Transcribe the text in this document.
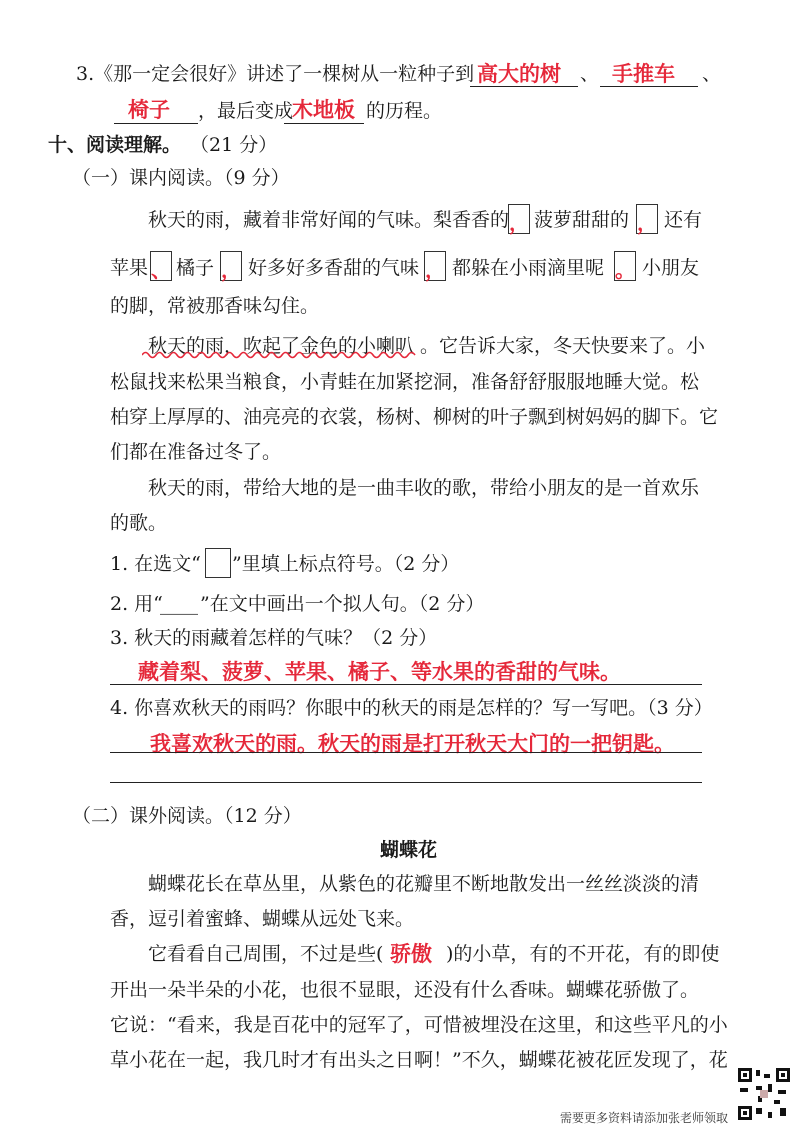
3.《那一定会很好》讲述了一棵树从一粒种子到 高大的树 、 手推车 、
椅子 ，最后变成
木地板 的历程。
十、阅读理解。 （21 分）
（一）课内阅读。（9 分）
秋天的雨，藏着非常好闻的气味。梨香香的 ， 菠萝甜甜的 ， 还有
苹果 、 橘子 ， 好多好多香甜的气味 ， 都躲在小雨滴里呢 。 小朋友
的脚，常被那香味勾住。
秋天的雨，吹起了金色的小喇叭 。它告诉大家，冬天快要来了。小
松鼠找来松果当粮食，小青蛙在加紧挖洞，准备舒舒服服地睡大觉。松
柏穿上厚厚的、油亮亮的衣裳，杨树、柳树的叶子飘到树妈妈的脚下。它
们都在准备过冬了。
秋天的雨，带给大地的是一曲丰收的歌，带给小朋友的是一首欢乐
的歌。
1. 在选文“ ”里填上标点符号。（2 分）
2. 用“
____ ”在文中画出一个拟人句。（2 分）
3. 秋天的雨藏着怎样的气味？（2 分）
藏着梨、菠萝、苹果、橘子、等水果的香甜的气味。
4. 你喜欢秋天的雨吗？你眼中的秋天的雨是怎样的？写一写吧。（3 分）
我喜欢秋天的雨。秋天的雨是打开秋天大门的一把钥匙。
（二）课外阅读。（12 分）
蝴蝶花
蝴蝶花长在草丛里，从紫色的花瓣里不断地散发出一丝丝淡淡的清
香，逗引着蜜蜂、蝴蝶从远处飞来。
它看看自己周围，不过是些( 骄傲 )的小草，有的不开花，有的即使
开出一朵半朵的小花，也很不显眼，还没有什么香味。蝴蝶花骄傲了。
它说：“看来，我是百花中的冠军了，可惜被埋没在这里，和这些平凡的小
草小花在一起，我几时才有出头之日啊！”不久，蝴蝶花被花匠发现了，花
需要更多资料请添加张老师领取
